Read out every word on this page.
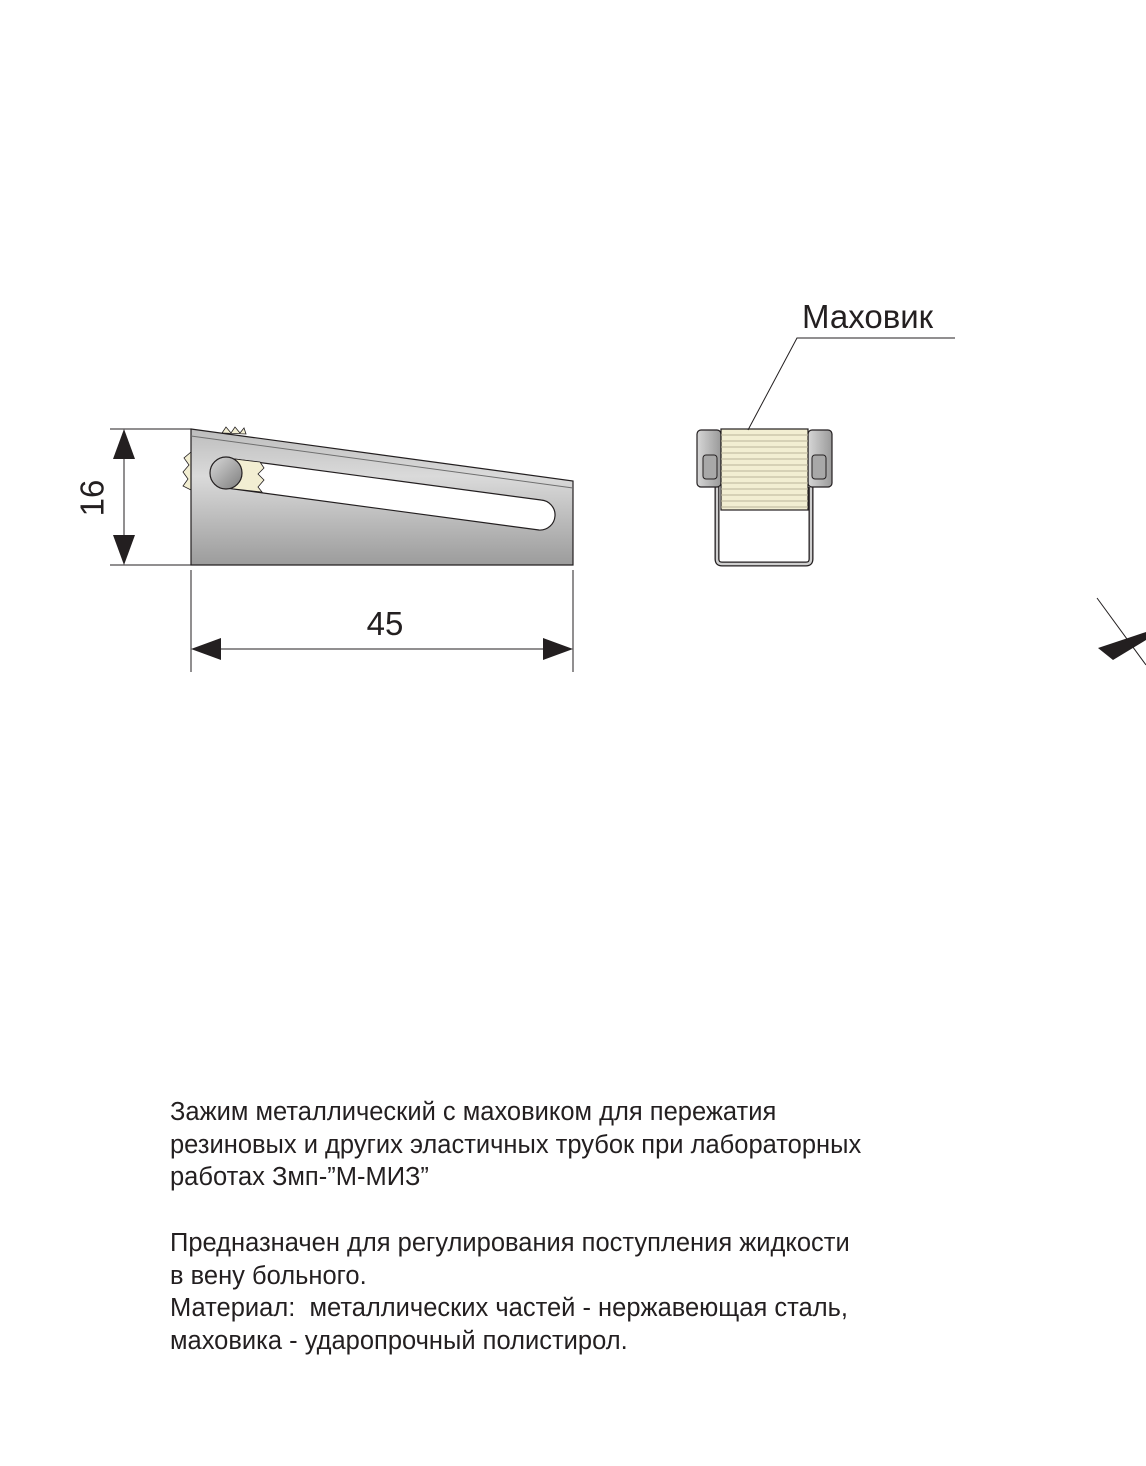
16
45
Маховик

Зажим металлический с маховиком для пережатия

резиновых и других эластичных трубок при лабораторных

работах Змп-”М-МИЗ”

Предназначен для регулирования поступления жидкости

в вену больного.

Материал:  металлических частей - нержавеющая сталь,

маховика - ударопрочный полистирол.
